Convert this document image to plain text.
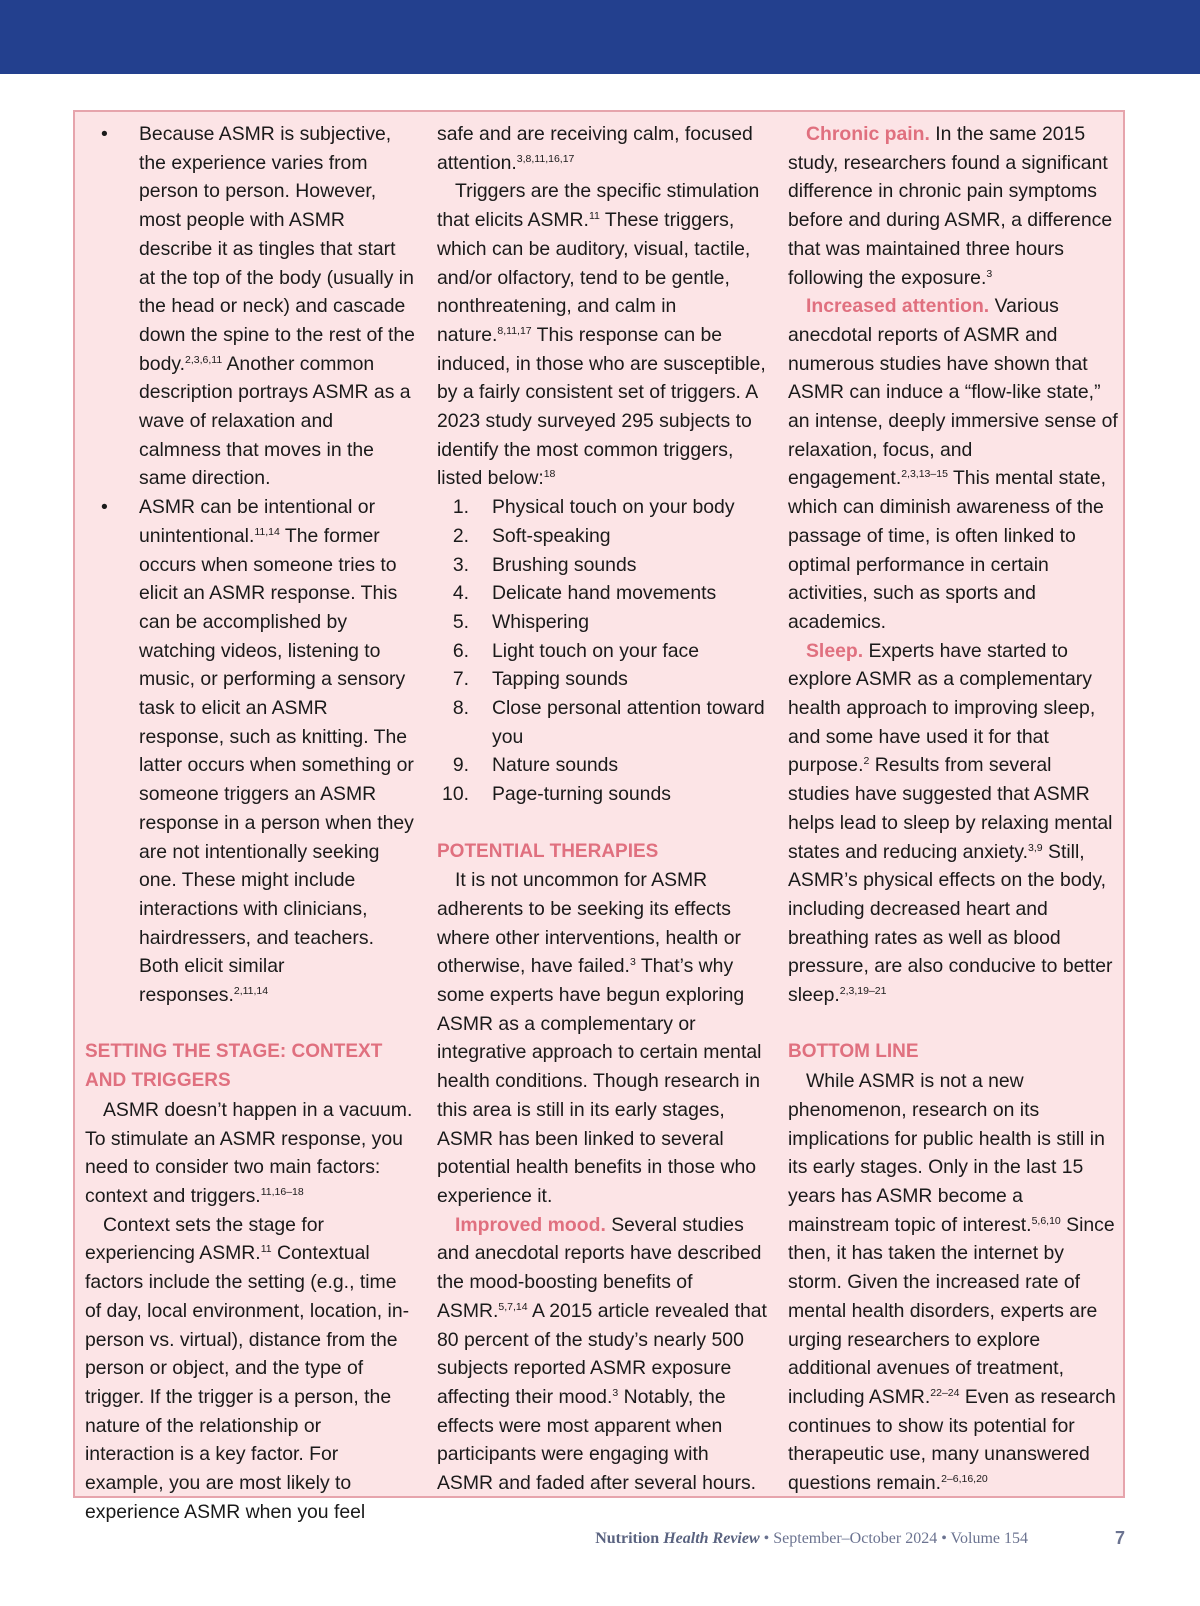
• Because ASMR is subjective, the experience varies from person to person. However, most people with ASMR describe it as tingles that start at the top of the body (usually in the head or neck) and cascade down the spine to the rest of the body.$^{2,3,6,11}$ Another common description portrays ASMR as a wave of relaxation and calmness that moves in the same direction.
• ASMR can be intentional or unintentional.$^{11,14}$ The former occurs when someone tries to elicit an ASMR response. This can be accomplished by watching videos, listening to music, or performing a sensory task to elicit an ASMR response, such as knitting. The latter occurs when something or someone triggers an ASMR response in a person when they are not intentionally seeking one. These might include interactions with clinicians, hairdressers, and teachers. Both elicit similar responses.$^{2,11,14}$
SETTING THE STAGE: CONTEXT AND TRIGGERS

ASMR doesn’t happen in a vacuum. To stimulate an ASMR response, you need to consider two main factors: context and triggers.$^{11,16-18}$

Context sets the stage for experiencing ASMR.$^{11}$ Contextual factors include the setting (e.g., time of day, local environment, location, in-person vs. virtual), distance from the person or object, and the type of trigger. If the trigger is a person, the nature of the relationship or interaction is a key factor. For example, you are most likely to experience ASMR when you feel

safe and are receiving calm, focused attention.$^{3,8,11,16,17}$

Triggers are the specific stimulation that elicits ASMR.$^{11}$ These triggers, which can be auditory, visual, tactile, and/or olfactory, tend to be gentle, nonthreatening, and calm in nature.$^{8,11,17}$ This response can be induced, in those who are susceptible, by a fairly consistent set of triggers. A 2023 study surveyed 295 subjects to identify the most common triggers, listed below:$^{18}$

1. Physical touch on your body
2. Soft-speaking
3. Brushing sounds
4. Delicate hand movements
5. Whispering
6. Light touch on your face
7. Tapping sounds
8. Close personal attention toward you
9. Nature sounds
10. Page-turning sounds
POTENTIAL THERAPIES

It is not uncommon for ASMR adherents to be seeking its effects where other interventions, health or otherwise, have failed.$^3$ That’s why some experts have begun exploring ASMR as a complementary or integrative approach to certain mental health conditions. Though research in this area is still in its early stages, ASMR has been linked to several potential health benefits in those who experience it.

Improved mood. Several studies and anecdotal reports have described the mood-boosting benefits of ASMR.$^{5,7,14}$ A 2015 article revealed that 80 percent of the study’s nearly 500 subjects reported ASMR exposure affecting their mood.$^3$ Notably, the effects were most apparent when participants were engaging with ASMR and faded after several hours.

Chronic pain. In the same 2015 study, researchers found a significant difference in chronic pain symptoms before and during ASMR, a difference that was maintained three hours following the exposure.$^3$

Increased attention. Various anecdotal reports of ASMR and numerous studies have shown that ASMR can induce a “flow-like state,” an intense, deeply immersive sense of relaxation, focus, and engagement.$^{2,3,13-15}$ This mental state, which can diminish awareness of the passage of time, is often linked to optimal performance in certain activities, such as sports and academics.

Sleep. Experts have started to explore ASMR as a complementary health approach to improving sleep, and some have used it for that purpose.$^2$ Results from several studies have suggested that ASMR helps lead to sleep by relaxing mental states and reducing anxiety.$^{3,9}$ Still, ASMR’s physical effects on the body, including decreased heart and breathing rates as well as blood pressure, are also conducive to better sleep.$^{2,3,19-21}$

BOTTOM LINE

While ASMR is not a new phenomenon, research on its implications for public health is still in its early stages. Only in the last 15 years has ASMR become a mainstream topic of interest.$^{5,6,10}$ Since then, it has taken the internet by storm. Given the increased rate of mental health disorders, experts are urging researchers to explore additional avenues of treatment, including ASMR.$^{22-24}$ Even as research continues to show its potential for therapeutic use, many unanswered questions remain.$^{2-6,16,20}$

Nutrition Health Review • September–October 2024 • Volume 154	7
